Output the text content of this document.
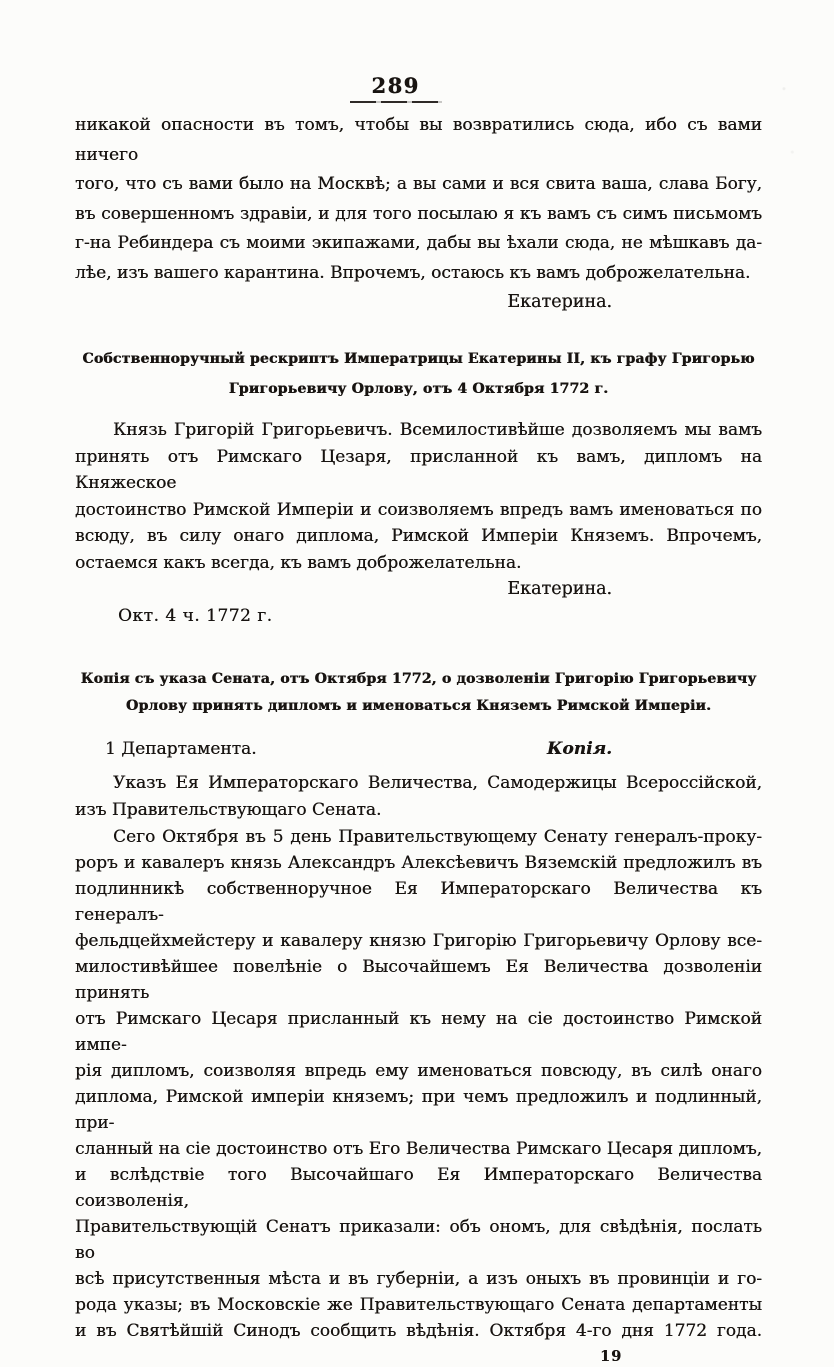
289
никакой опасности въ томъ, чтобы вы возвратились сюда, ибо съ вами ничего
того, что съ вами было на Москвѣ; а вы сами и вся свита ваша, слава Богу,
въ совершенномъ здравіи, и для того посылаю я къ вамъ съ симъ письмомъ
г-на Ребиндера съ моими экипажами, дабы вы ѣхали сюда, не мѣшкавъ да-
лѣе, изъ вашего карантина. Впрочемъ, остаюсь къ вамъ доброжелательна.
Екатерина.
Собственноручный рескриптъ Императрицы Екатерины II, къ графу Григорью
Григорьевичу Орлову, отъ 4 Октября 1772 г.
Князь Григорій Григорьевичъ. Всемилостивѣйше дозволяемъ мы вамъ
принять отъ Римскаго Цезаря, присланной къ вамъ, дипломъ на Княжеское
достоинство Римской Имперіи и соизволяемъ впредъ вамъ именоваться по
всюду, въ силу онаго диплома, Римской Имперіи Княземъ. Впрочемъ,
остаемся какъ всегда, къ вамъ доброжелательна.
Екатерина.
Окт. 4 ч. 1772 г.
Копія съ указа Сената, отъ Октября 1772, о дозволеніи Григорію Григорьевичу
Орлову принять дипломъ и именоваться Княземъ Римской Имперіи.
1 Департамента.	Копія.
Указъ Ея Императорскаго Величества, Самодержицы Всероссійской,
изъ Правительствующаго Сената.
Сего Октября въ 5 день Правительствующему Сенату генералъ-проку-
роръ и кавалеръ князь Александръ Алексѣевичъ Вяземскій предложилъ въ
подлинникѣ собственноручное Ея Императорскаго Величества къ генералъ-
фельдцейхмейстеру и кавалеру князю Григорію Григорьевичу Орлову все-
милостивѣйшее повелѣніе о Высочайшемъ Ея Величества дозволеніи принять
отъ Римскаго Цесаря присланный къ нему на сіе достоинство Римской импе-
рія дипломъ, соизволяя впредь ему именоваться повсюду, въ силѣ онаго
диплома, Римской имперіи княземъ; при чемъ предложилъ и подлинный, при-
сланный на сіе достоинство отъ Его Величества Римскаго Цесаря дипломъ,
и вслѣдствіе того Высочайшаго Ея Императорскаго Величества соизволенія,
Правительствующій Сенатъ приказали: объ ономъ, для свѣдѣнія, послать во
всѣ присутственныя мѣста и въ губерніи, а изъ оныхъ въ провинціи и го-
рода указы; въ Московскіе же Правительствующаго Сената департаменты
и въ Святѣйшій Синодъ сообщить вѣдѣнія. Октября 4-го дня 1772 года.
19
